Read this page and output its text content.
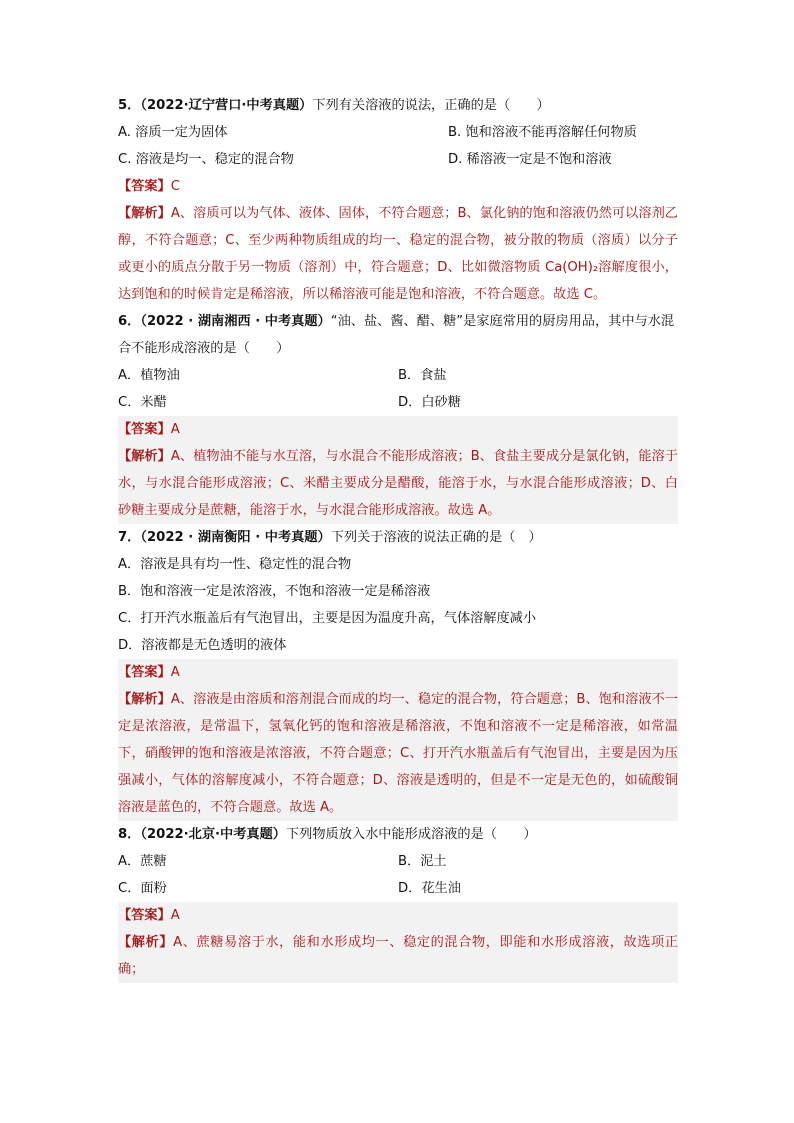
5．（2022·辽宁营口·中考真题）下列有关溶液的说法，正确的是（　　）
A. 溶质一定为固体	B. 饱和溶液不能再溶解任何物质
C. 溶液是均一、稳定的混合物	D. 稀溶液一定是不饱和溶液
【答案】C
【解析】A、溶质可以为气体、液体、固体，不符合题意；B、氯化钠的饱和溶液仍然可以溶剂乙醇，不符合题意；C、至少两种物质组成的均一、稳定的混合物，被分散的物质（溶质）以分子或更小的质点分散于另一物质（溶剂）中，符合题意；D、比如微溶物质 Ca(OH)₂溶解度很小，达到饱和的时候肯定是稀溶液，所以稀溶液可能是饱和溶液，不符合题意。故选 C。
6．（2022 · 湖南湘西 · 中考真题）“油、盐、酱、醋、糖”是家庭常用的厨房用品，其中与水混合不能形成溶液的是（　　）
A．植物油	B．食盐
C．米醋	D．白砂糖
【答案】A
【解析】A、植物油不能与水互溶，与水混合不能形成溶液；B、食盐主要成分是氯化钠，能溶于水，与水混合能形成溶液；C、米醋主要成分是醋酸，能溶于水，与水混合能形成溶液；D、白砂糖主要成分是蔗糖，能溶于水，与水混合能形成溶液。故选 A。
7．（2022 · 湖南衡阳 · 中考真题）下列关于溶液的说法正确的是（　）
A．溶液是具有均一性、稳定性的混合物
B．饱和溶液一定是浓溶液，不饱和溶液一定是稀溶液
C．打开汽水瓶盖后有气泡冒出，主要是因为温度升高，气体溶解度减小
D．溶液都是无色透明的液体
【答案】A
【解析】A、溶液是由溶质和溶剂混合而成的均一、稳定的混合物，符合题意；B、饱和溶液不一定是浓溶液，是常温下，氢氧化钙的饱和溶液是稀溶液，不饱和溶液不一定是稀溶液，如常温下，硝酸钾的饱和溶液是浓溶液，不符合题意；C、打开汽水瓶盖后有气泡冒出，主要是因为压强减小，气体的溶解度减小，不符合题意；D、溶液是透明的，但是不一定是无色的，如硫酸铜溶液是蓝色的，不符合题意。故选 A。
8．（2022·北京·中考真题）下列物质放入水中能形成溶液的是（　　）
A．蔗糖	B．泥土
C．面粉	D．花生油
【答案】A
【解析】A、蔗糖易溶于水，能和水形成均一、稳定的混合物，即能和水形成溶液，故选项正确；
